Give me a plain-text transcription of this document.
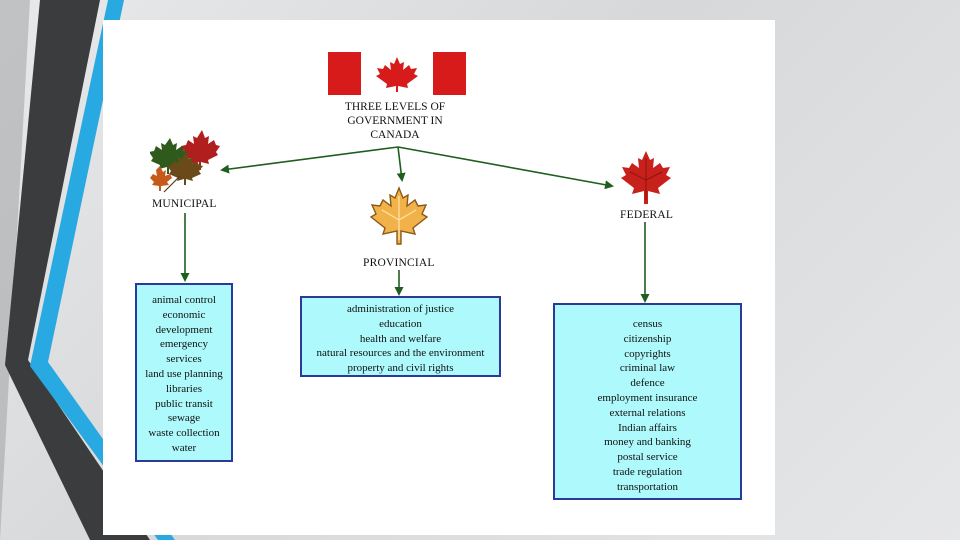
THREE LEVELS OF
GOVERNMENT IN
CANADA
MUNICIPAL
PROVINCIAL
FEDERAL
animal control
economic
development
emergency
services
land use planning
libraries
public transit
sewage
waste collection
water
administration of justice
education
health and welfare
natural resources and the environment
property and civil rights
census
citizenship
copyrights
criminal law
defence
employment insurance
external relations
Indian affairs
money and banking
postal service
trade regulation
transportation
